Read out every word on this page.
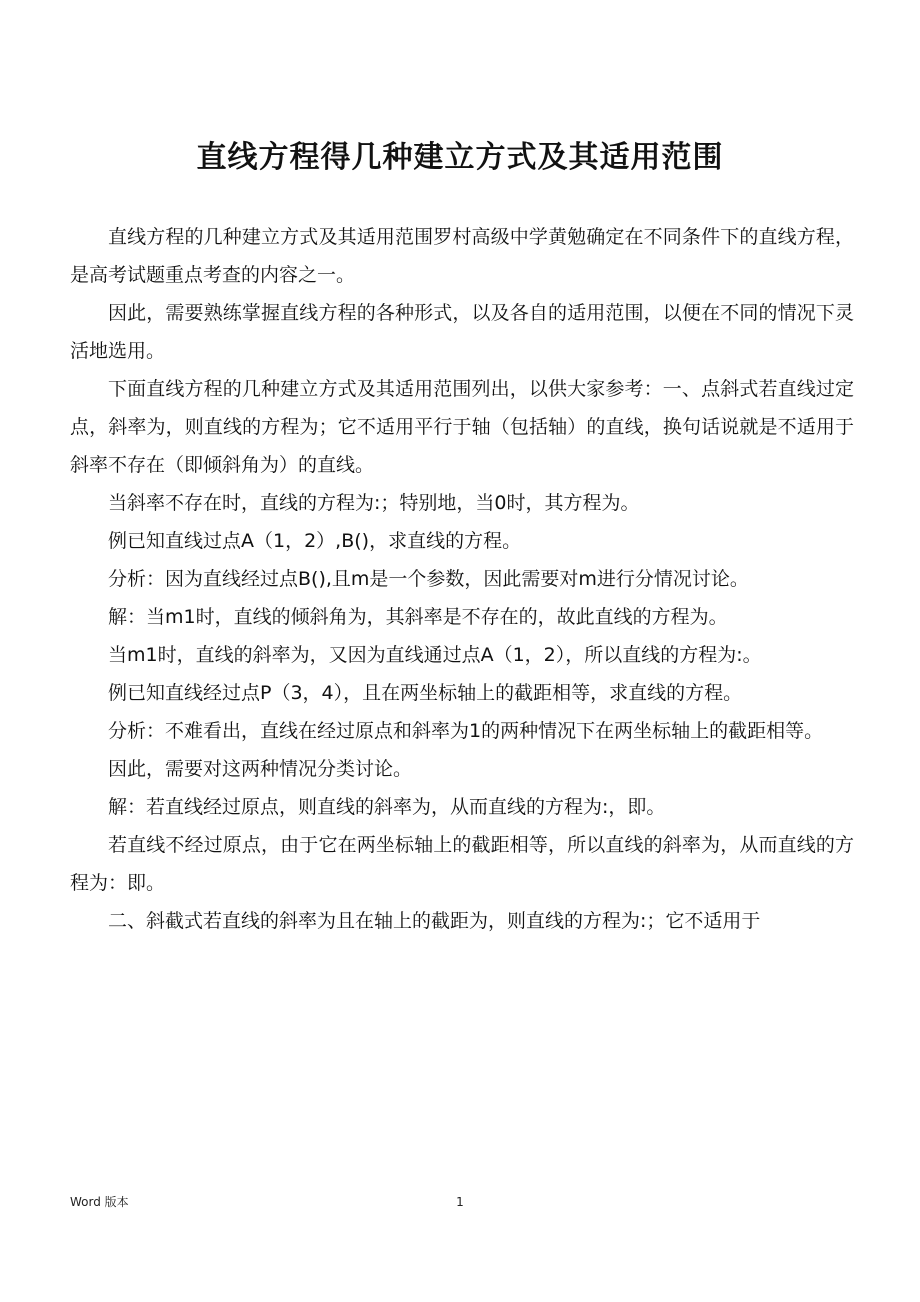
直线方程得几种建立方式及其适用范围

直线方程的几种建立方式及其适用范围罗村高级中学黄勉确定在不同条件下的直线方程，是高考试题重点考查的内容之一。

因此，需要熟练掌握直线方程的各种形式，以及各自的适用范围，以便在不同的情况下灵活地选用。

下面直线方程的几种建立方式及其适用范围列出，以供大家参考：一、点斜式若直线过定点，斜率为，则直线的方程为；它不适用平行于轴（包括轴）的直线，换句话说就是不适用于斜率不存在（即倾斜角为）的直线。

当斜率不存在时，直线的方程为:；特别地，当0时，其方程为。

例已知直线过点A（1，2）,B()，求直线的方程。

分析：因为直线经过点B(),且m是一个参数，因此需要对m进行分情况讨论。

解：当m1时，直线的倾斜角为，其斜率是不存在的，故此直线的方程为。

当m1时，直线的斜率为，又因为直线通过点A（1，2），所以直线的方程为:。

例已知直线经过点P（3，4），且在两坐标轴上的截距相等，求直线的方程。

分析：不难看出，直线在经过原点和斜率为1的两种情况下在两坐标轴上的截距相等。

因此，需要对这两种情况分类讨论。

解：若直线经过原点，则直线的斜率为，从而直线的方程为:，即。

若直线不经过原点，由于它在两坐标轴上的截距相等，所以直线的斜率为，从而直线的方程为：即。

二、斜截式若直线的斜率为且在轴上的截距为，则直线的方程为:；它不适用于

Word 版本	1
